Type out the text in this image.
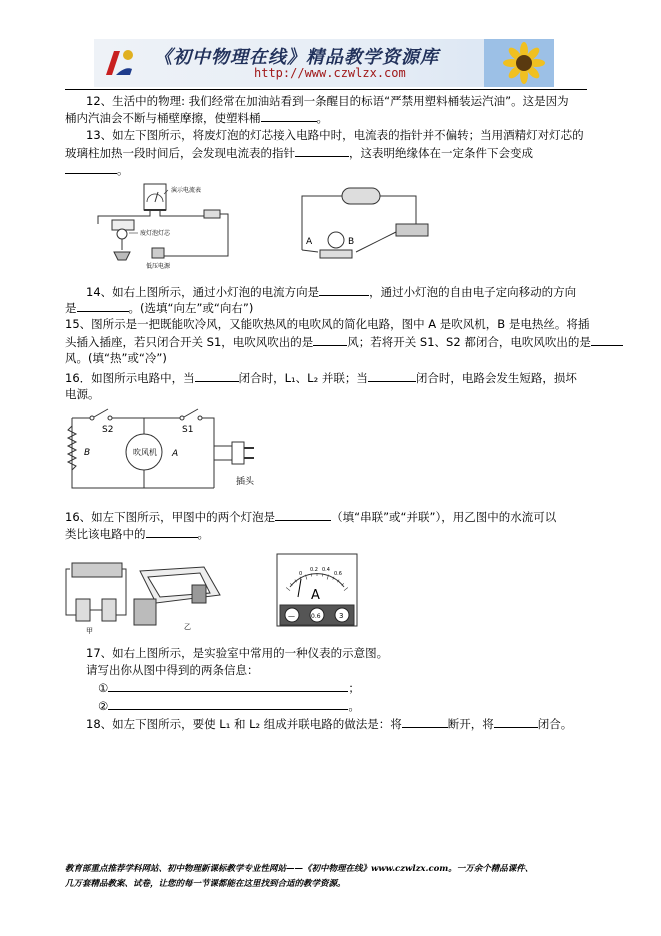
《初中物理在线》精品教学资源库
http://www.czwlzx.com
12、生活中的物理: 我们经常在加油站看到一条醒目的标语“严禁用塑料桶装运汽油”。这是因为
桶内汽油会不断与桶壁摩擦，使塑料桶	。
13、如左下图所示，将废灯泡的灯芯接入电路中时，电流表的指针并不偏转；当用酒精灯对灯芯的
玻璃柱加热一段时间后，会发现电流表的指针	，这表明绝缘体在一定条件下会变成
。
演示电流表
废灯泡灯芯
低压电源
A	B
14、如右上图所示，通过小灯泡的电流方向是	，通过小灯泡的自由电子定向移动的方向
是	。(选填“向左”或“向右”)
15、图所示是一把既能吹冷风，又能吹热风的电吹风的简化电路，图中 A 是吹风机，B 是电热丝。将插
头插入插座，若只闭合开关 S1，电吹风吹出的是	风；若将开关 S1、S2 都闭合，电吹风吹出的是
风。(填“热”或“冷”)
16．如图所示电路中，当	闭合时，L₁、L₂ 并联；当	闭合时，电路会发生短路，损坏
电源。
S2	S1
B	吹风机 A
插头
16、如左下图所示，甲图中的两个灯泡是	（填“串联”或“并联”），用乙图中的水流可以
类比该电路中的	。
甲	乙
0
0.2 0.4
0.6
A
—	0.6	3
17、如右上图所示，是实验室中常用的一种仪表的示意图。
请写出你从图中得到的两条信息：
①	；
②	。
18、如左下图所示，要使 L₁ 和 L₂ 组成并联电路的做法是：将	断开，将	闭合。
教育部重点推荐学科网站、初中物理新课标教学专业性网站——《初中物理在线》www.czwlzx.com。一万余个精品课件、
几万套精品教案、试卷，让您的每一节课都能在这里找到合适的教学资源。
